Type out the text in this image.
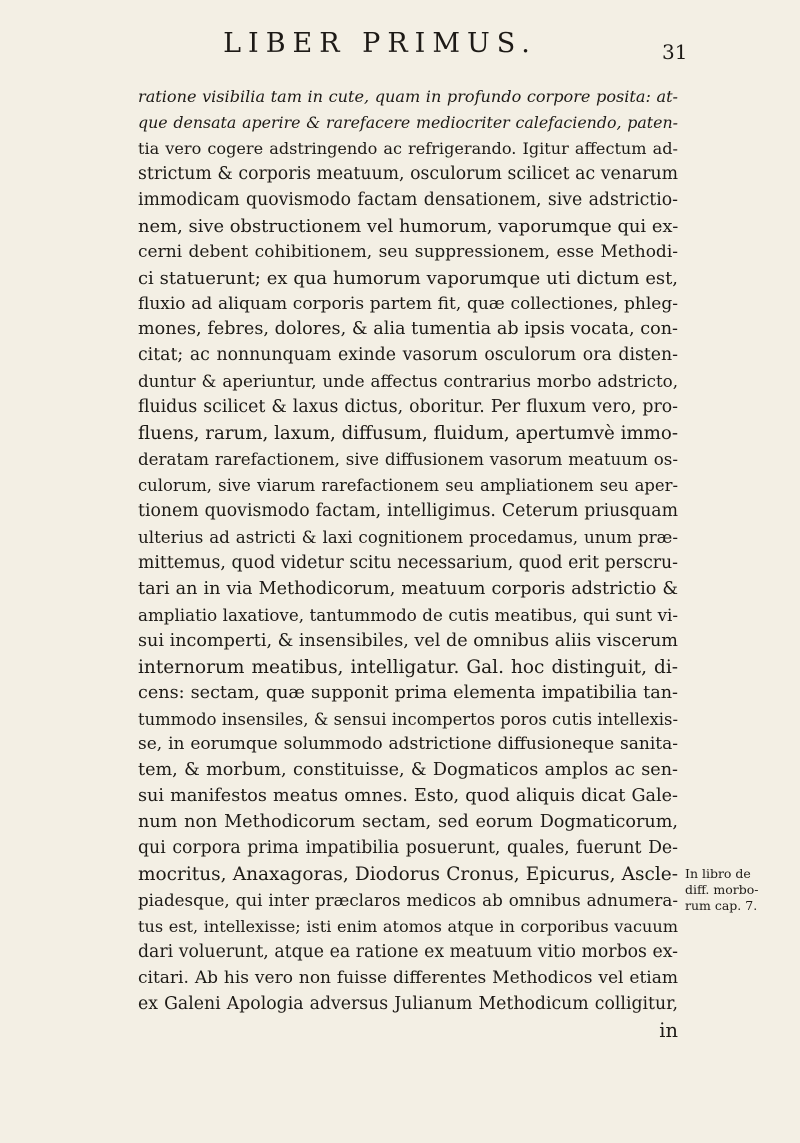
LIBER PRIMUS.	31
ratione visibilia tam in cute, quam in profundo corpore posita: at-
que densata aperire & rarefacere mediocriter calefaciendo, paten-
tia vero cogere adstringendo ac refrigerando. Igitur affectum ad-
strictum & corporis meatuum, osculorum scilicet ac venarum
immodicam quovismodo factam densationem, sive adstrictio-
nem, sive obstructionem vel humorum, vaporumque qui ex-
cerni debent cohibitionem, seu suppressionem, esse Methodi-
ci statuerunt; ex qua humorum vaporumque uti dictum est,
fluxio ad aliquam corporis partem fit, quæ collectiones, phleg-
mones, febres, dolores, & alia tumentia ab ipsis vocata, con-
citat; ac nonnunquam exinde vasorum osculorum ora disten-
duntur & aperiuntur, unde affectus contrarius morbo adstricto,
fluidus scilicet & laxus dictus, oboritur. Per fluxum vero, pro-
fluens, rarum, laxum, diffusum, fluidum, apertumvè immo-
deratam rarefactionem, sive diffusionem vasorum meatuum os-
culorum, sive viarum rarefactionem seu ampliationem seu aper-
tionem quovismodo factam, intelligimus. Ceterum priusquam
ulterius ad astricti & laxi cognitionem procedamus, unum præ-
mittemus, quod videtur scitu necessarium, quod erit perscru-
tari an in via Methodicorum, meatuum corporis adstrictio &
ampliatio laxatiove, tantummodo de cutis meatibus, qui sunt vi-
sui incomperti, & insensibiles, vel de omnibus aliis viscerum
internorum meatibus, intelligatur. Gal. hoc distinguit, di-
cens: sectam, quæ supponit prima elementa impatibilia tan-
tummodo insensiles, & sensui incompertos poros cutis intellexis-
se, in eorumque solummodo adstrictione diffusioneque sanita-
tem, & morbum, constituisse, & Dogmaticos amplos ac sen-
sui manifestos meatus omnes. Esto, quod aliquis dicat Gale-
num non Methodicorum sectam, sed eorum Dogmaticorum,
qui corpora prima impatibilia posuerunt, quales, fuerunt De-
mocritus, Anaxagoras, Diodorus Cronus, Epicurus, Ascle-
piadesque, qui inter præclaros medicos ab omnibus adnumera-
tus est, intellexisse; isti enim atomos atque in corporibus vacuum
dari voluerunt, atque ea ratione ex meatuum vitio morbos ex-
citari. Ab his vero non fuisse differentes Methodicos vel etiam
ex Galeni Apologia adversus Julianum Methodicum colligitur,
in
In libro de
diff. morbo-
rum cap. 7.
